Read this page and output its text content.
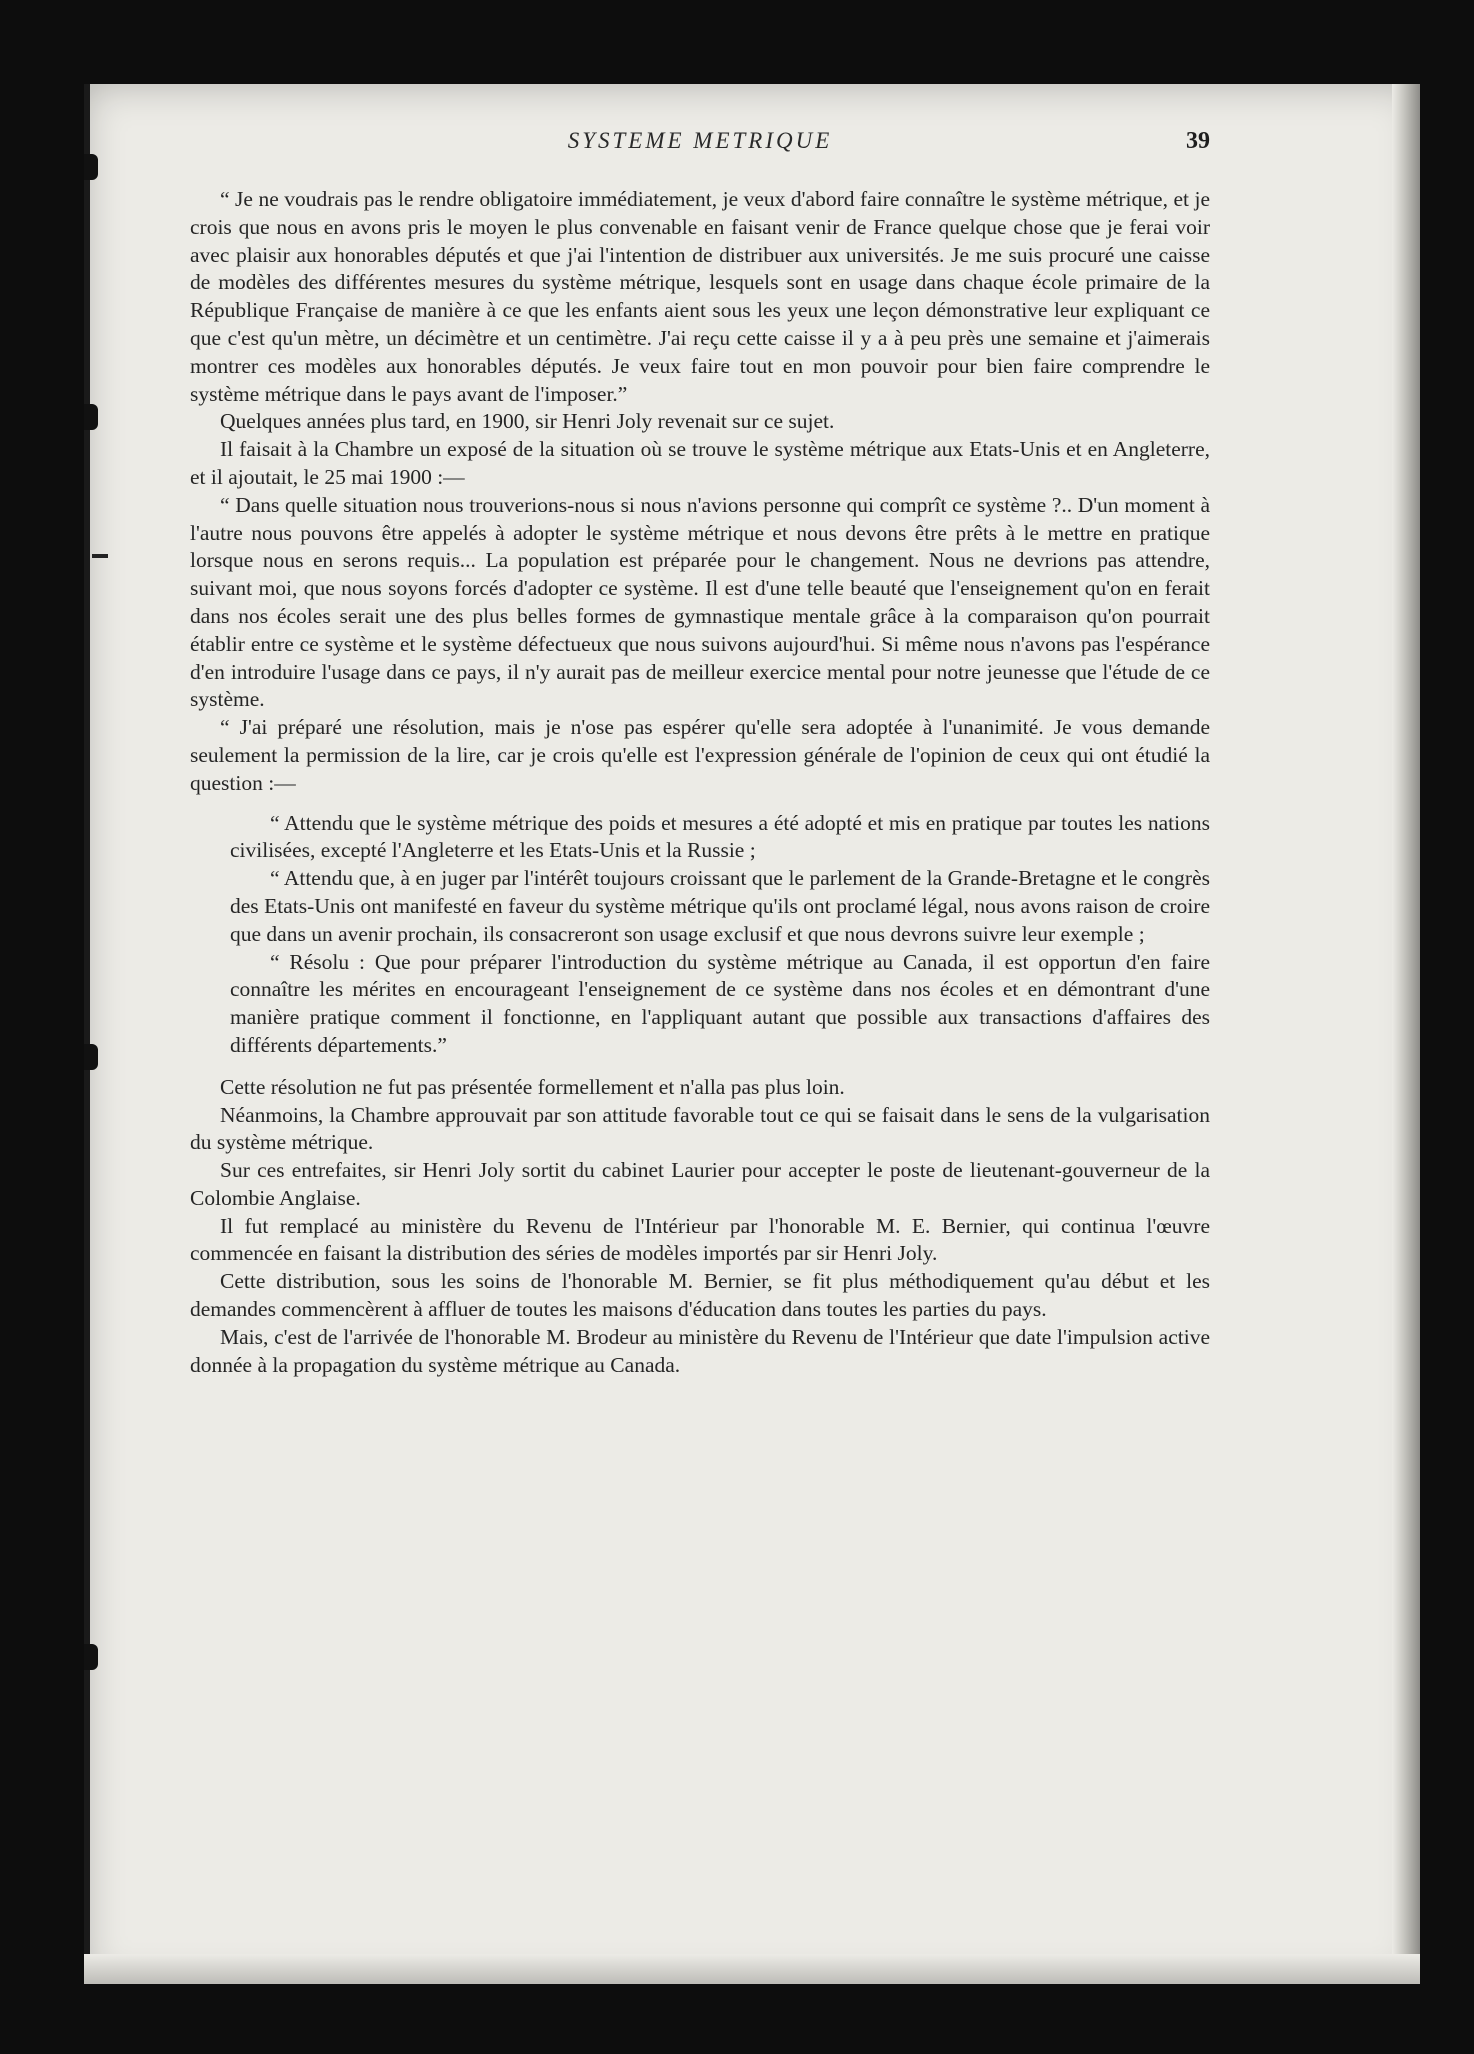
SYSTEME METRIQUE	39

“ Je ne voudrais pas le rendre obligatoire immédiatement, je veux d'abord faire connaître le système métrique, et je crois que nous en avons pris le moyen le plus convenable en faisant venir de France quelque chose que je ferai voir avec plaisir aux honorables députés et que j'ai l'intention de distribuer aux universités. Je me suis procuré une caisse de modèles des différentes mesures du système métrique, lesquels sont en usage dans chaque école primaire de la République Française de manière à ce que les enfants aient sous les yeux une leçon démonstrative leur expliquant ce que c'est qu'un mètre, un décimètre et un centimètre. J'ai reçu cette caisse il y a à peu près une semaine et j'aimerais montrer ces modèles aux honorables députés. Je veux faire tout en mon pouvoir pour bien faire comprendre le système métrique dans le pays avant de l'imposer.”

Quelques années plus tard, en 1900, sir Henri Joly revenait sur ce sujet.

Il faisait à la Chambre un exposé de la situation où se trouve le système métrique aux Etats-Unis et en Angleterre, et il ajoutait, le 25 mai 1900 :—

“ Dans quelle situation nous trouverions-nous si nous n'avions personne qui comprît ce système ?.. D'un moment à l'autre nous pouvons être appelés à adopter le système métrique et nous devons être prêts à le mettre en pratique lorsque nous en serons requis... La population est préparée pour le changement. Nous ne devrions pas attendre, suivant moi, que nous soyons forcés d'adopter ce système. Il est d'une telle beauté que l'enseignement qu'on en ferait dans nos écoles serait une des plus belles formes de gymnastique mentale grâce à la comparaison qu'on pourrait établir entre ce système et le système défectueux que nous suivons aujourd'hui. Si même nous n'avons pas l'espérance d'en introduire l'usage dans ce pays, il n'y aurait pas de meilleur exercice mental pour notre jeunesse que l'étude de ce système.

“ J'ai préparé une résolution, mais je n'ose pas espérer qu'elle sera adoptée à l'unanimité. Je vous demande seulement la permission de la lire, car je crois qu'elle est l'expression générale de l'opinion de ceux qui ont étudié la question :—

“ Attendu que le système métrique des poids et mesures a été adopté et mis en pratique par toutes les nations civilisées, excepté l'Angleterre et les Etats-Unis et la Russie ;

“ Attendu que, à en juger par l'intérêt toujours croissant que le parlement de la Grande-Bretagne et le congrès des Etats-Unis ont manifesté en faveur du système métrique qu'ils ont proclamé légal, nous avons raison de croire que dans un avenir prochain, ils consacreront son usage exclusif et que nous devrons suivre leur exemple ;

“ Résolu : Que pour préparer l'introduction du système métrique au Canada, il est opportun d'en faire connaître les mérites en encourageant l'enseignement de ce système dans nos écoles et en démontrant d'une manière pratique comment il fonctionne, en l'appliquant autant que possible aux transactions d'affaires des différents départements.”

Cette résolution ne fut pas présentée formellement et n'alla pas plus loin.

Néanmoins, la Chambre approuvait par son attitude favorable tout ce qui se faisait dans le sens de la vulgarisation du système métrique.

Sur ces entrefaites, sir Henri Joly sortit du cabinet Laurier pour accepter le poste de lieutenant-gouverneur de la Colombie Anglaise.

Il fut remplacé au ministère du Revenu de l'Intérieur par l'honorable M. E. Bernier, qui continua l'œuvre commencée en faisant la distribution des séries de modèles importés par sir Henri Joly.

Cette distribution, sous les soins de l'honorable M. Bernier, se fit plus méthodiquement qu'au début et les demandes commencèrent à affluer de toutes les maisons d'éducation dans toutes les parties du pays.

Mais, c'est de l'arrivée de l'honorable M. Brodeur au ministère du Revenu de l'Intérieur que date l'impulsion active donnée à la propagation du système métrique au Canada.
